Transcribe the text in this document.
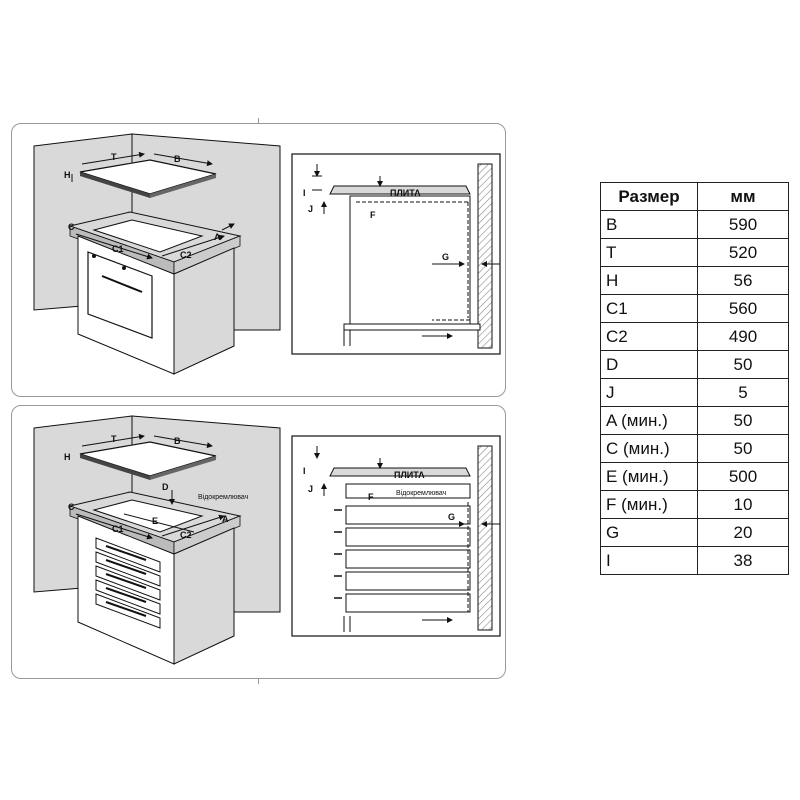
T	B
H
C
C1
C2
A
ПЛИТА
I
J
F
G
T	B
H
C
C1
C2
A
D
E
Відокремлювач
ПЛИТА
I
J
F
G
Відокремлювач
Размер	мм
B	590
T	520
H	56
C1	560
C2	490
D	50
J	5
A (мин.)	50
C (мин.)	50
E (мин.)	500
F (мин.)	10
G	20
I	38
